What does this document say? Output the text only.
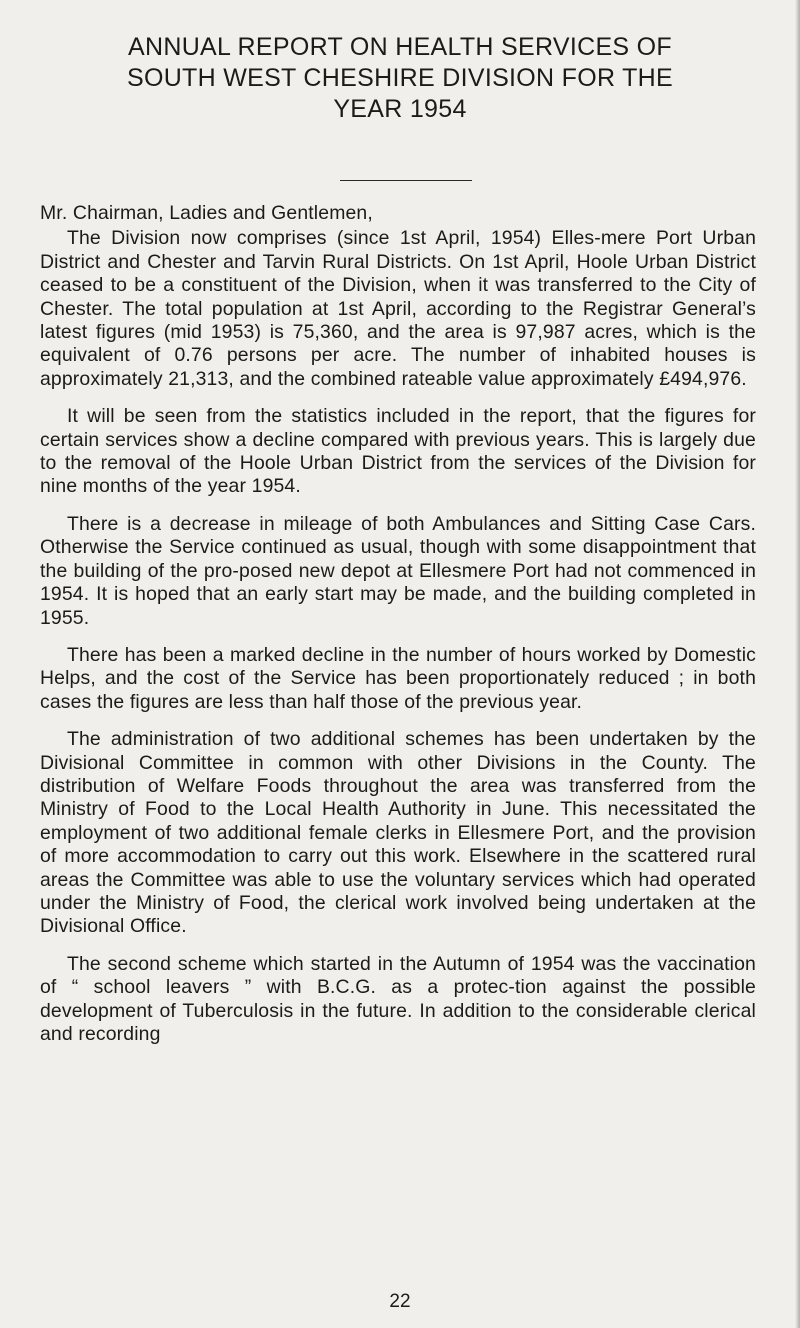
ANNUAL REPORT ON HEALTH SERVICES OF
SOUTH WEST CHESHIRE DIVISION FOR THE
YEAR 1954

Mr. Chairman, Ladies and Gentlemen,

The Division now comprises (since 1st April, 1954) Elles-mere Port Urban District and Chester and Tarvin Rural Districts. On 1st April, Hoole Urban District ceased to be a constituent of the Division, when it was transferred to the City of Chester. The total population at 1st April, according to the Registrar General’s latest figures (mid 1953) is 75,360, and the area is 97,987 acres, which is the equivalent of 0.76 persons per acre. The number of inhabited houses is approximately 21,313, and the combined rateable value approximately £494,976.

It will be seen from the statistics included in the report, that the figures for certain services show a decline compared with previous years. This is largely due to the removal of the Hoole Urban District from the services of the Division for nine months of the year 1954.

There is a decrease in mileage of both Ambulances and Sitting Case Cars. Otherwise the Service continued as usual, though with some disappointment that the building of the pro-posed new depot at Ellesmere Port had not commenced in 1954. It is hoped that an early start may be made, and the building completed in 1955.

There has been a marked decline in the number of hours worked by Domestic Helps, and the cost of the Service has been proportionately reduced ; in both cases the figures are less than half those of the previous year.

The administration of two additional schemes has been undertaken by the Divisional Committee in common with other Divisions in the County. The distribution of Welfare Foods throughout the area was transferred from the Ministry of Food to the Local Health Authority in June. This necessitated the employment of two additional female clerks in Ellesmere Port, and the provision of more accommodation to carry out this work. Elsewhere in the scattered rural areas the Committee was able to use the voluntary services which had operated under the Ministry of Food, the clerical work involved being undertaken at the Divisional Office.

The second scheme which started in the Autumn of 1954 was the vaccination of “ school leavers ” with B.C.G. as a protec-tion against the possible development of Tuberculosis in the future. In addition to the considerable clerical and recording

22
